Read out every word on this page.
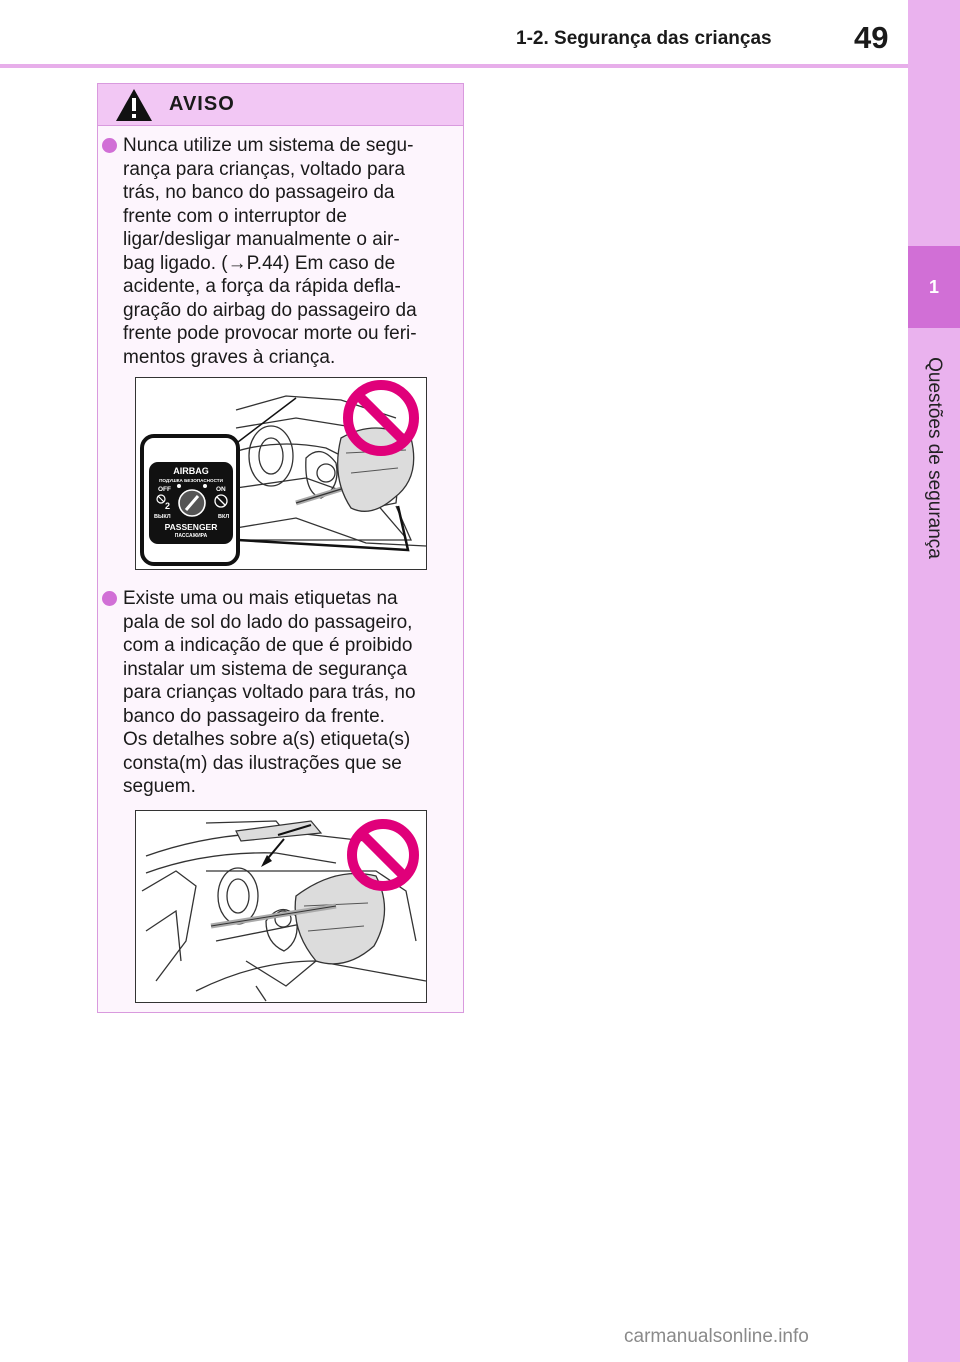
1-2. Segurança das crianças	49
1
Questões de segurança
AVISO
Nunca utilize um sistema de segu-
rança para crianças, voltado para
trás, no banco do passageiro da
frente com o interruptor de
ligar/desligar manualmente o air-
bag ligado. (→P.44) Em caso de
acidente, a força da rápida defla-
gração do airbag do passageiro da
frente pode provocar morte ou feri-
mentos graves à criança.
AIRBAG
ПОДУШКА БЕЗОПАСНОСТИ
OFF	ON
2
ВЫКЛ	ВКЛ
PASSENGER
ПАССАЖИРА
Existe uma ou mais etiquetas na
pala de sol do lado do passageiro,
com a indicação de que é proibido
instalar um sistema de segurança
para crianças voltado para trás, no
banco do passageiro da frente.
Os detalhes sobre a(s) etiqueta(s)
consta(m) das ilustrações que se
seguem.
carmanualsonline.info
